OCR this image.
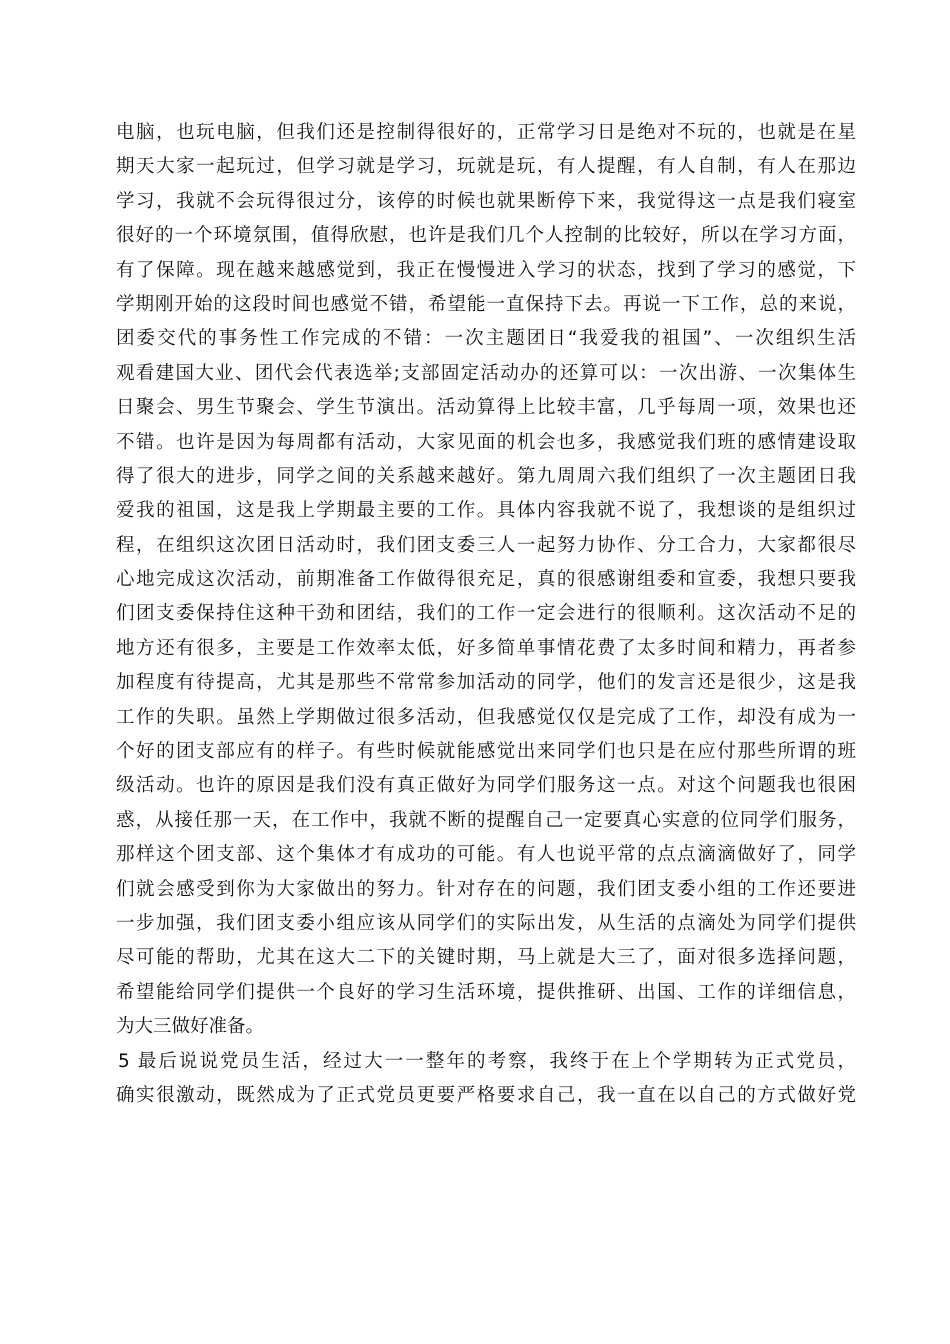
电脑，也玩电脑，但我们还是控制得很好的，正常学习日是绝对不玩的，也就是在星
期天大家一起玩过，但学习就是学习，玩就是玩，有人提醒，有人自制，有人在那边
学习，我就不会玩得很过分，该停的时候也就果断停下来，我觉得这一点是我们寝室
很好的一个环境氛围，值得欣慰，也许是我们几个人控制的比较好，所以在学习方面，
有了保障。现在越来越感觉到，我正在慢慢进入学习的状态，找到了学习的感觉，下
学期刚开始的这段时间也感觉不错，希望能一直保持下去。再说一下工作，总的来说，
团委交代的事务性工作完成的不错：一次主题团日“我爱我的祖国”、一次组织生活
观看建国大业、团代会代表选举;支部固定活动办的还算可以：一次出游、一次集体生
日聚会、男生节聚会、学生节演出。活动算得上比较丰富，几乎每周一项，效果也还
不错。也许是因为每周都有活动，大家见面的机会也多，我感觉我们班的感情建设取
得了很大的进步，同学之间的关系越来越好。第九周周六我们组织了一次主题团日我
爱我的祖国，这是我上学期最主要的工作。具体内容我就不说了，我想谈的是组织过
程，在组织这次团日活动时，我们团支委三人一起努力协作、分工合力，大家都很尽
心地完成这次活动，前期准备工作做得很充足，真的很感谢组委和宣委，我想只要我
们团支委保持住这种干劲和团结，我们的工作一定会进行的很顺利。这次活动不足的
地方还有很多，主要是工作效率太低，好多简单事情花费了太多时间和精力，再者参
加程度有待提高，尤其是那些不常常参加活动的同学，他们的发言还是很少，这是我
工作的失职。虽然上学期做过很多活动，但我感觉仅仅是完成了工作，却没有成为一
个好的团支部应有的样子。有些时候就能感觉出来同学们也只是在应付那些所谓的班
级活动。也许的原因是我们没有真正做好为同学们服务这一点。对这个问题我也很困
惑，从接任那一天，在工作中，我就不断的提醒自己一定要真心实意的位同学们服务，
那样这个团支部、这个集体才有成功的可能。有人也说平常的点点滴滴做好了，同学
们就会感受到你为大家做出的努力。针对存在的问题，我们团支委小组的工作还要进
一步加强，我们团支委小组应该从同学们的实际出发，从生活的点滴处为同学们提供
尽可能的帮助，尤其在这大二下的关键时期，马上就是大三了，面对很多选择问题，
希望能给同学们提供一个良好的学习生活环境，提供推研、出国、工作的详细信息，
为大三做好准备。
5 最后说说党员生活，经过大一一整年的考察，我终于在上个学期转为正式党员，
确实很激动，既然成为了正式党员更要严格要求自己，我一直在以自己的方式做好党
